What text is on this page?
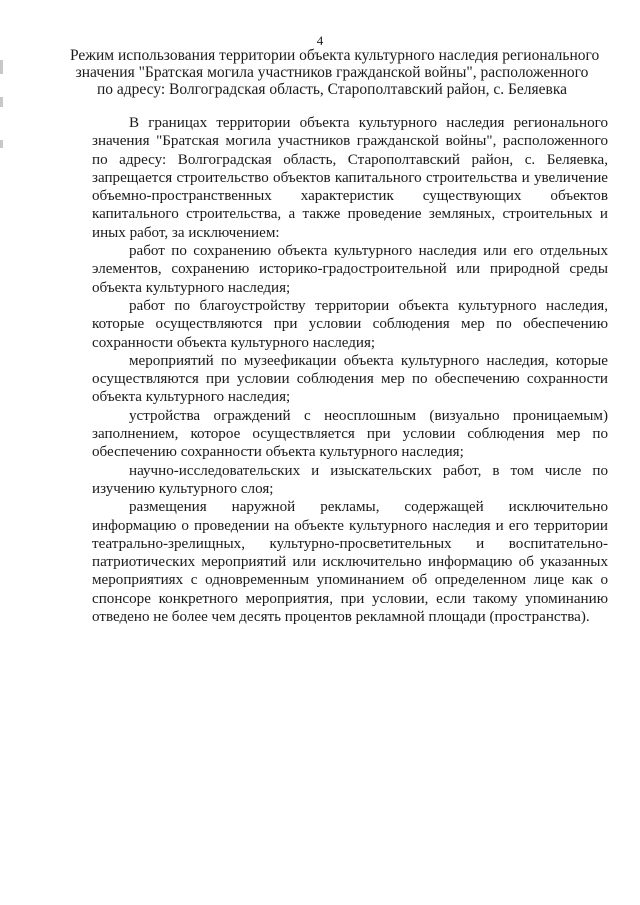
4
Режим использования территории объекта культурного наследия регионального
значения "Братская могила участников гражданской войны", расположенного
по адресу: Волгоградская область, Старополтавский район, с. Беляевка

В границах территории объекта культурного наследия регионального значения "Братская могила участников гражданской войны", расположенного по адресу: Волгоградская область, Старополтавский район, с. Беляевка, запрещается строительство объектов капитального строительства и увеличение объемно-пространственных характеристик существующих объектов капитального строительства, а также проведение земляных, строительных и иных работ, за исключением:

работ по сохранению объекта культурного наследия или его отдельных элементов, сохранению историко-градостроительной или природной среды объекта культурного наследия;

работ по благоустройству территории объекта культурного наследия, которые осуществляются при условии соблюдения мер по обеспечению сохранности объекта культурного наследия;

мероприятий по музеефикации объекта культурного наследия, которые осуществляются при условии соблюдения мер по обеспечению сохранности объекта культурного наследия;

устройства ограждений с неосплошным (визуально проницаемым) заполнением, которое осуществляется при условии соблюдения мер по обеспечению сохранности объекта культурного наследия;

научно-исследовательских и изыскательских работ, в том числе по изучению культурного слоя;

размещения наружной рекламы, содержащей исключительно информацию о проведении на объекте культурного наследия и его территории театрально-зрелищных, культурно-просветительных и воспитательно-патриотических мероприятий или исключительно информацию об указанных мероприятиях с одновременным упоминанием об определенном лице как о спонсоре конкретного мероприятия, при условии, если такому упоминанию отведено не более чем десять процентов рекламной площади (пространства).
